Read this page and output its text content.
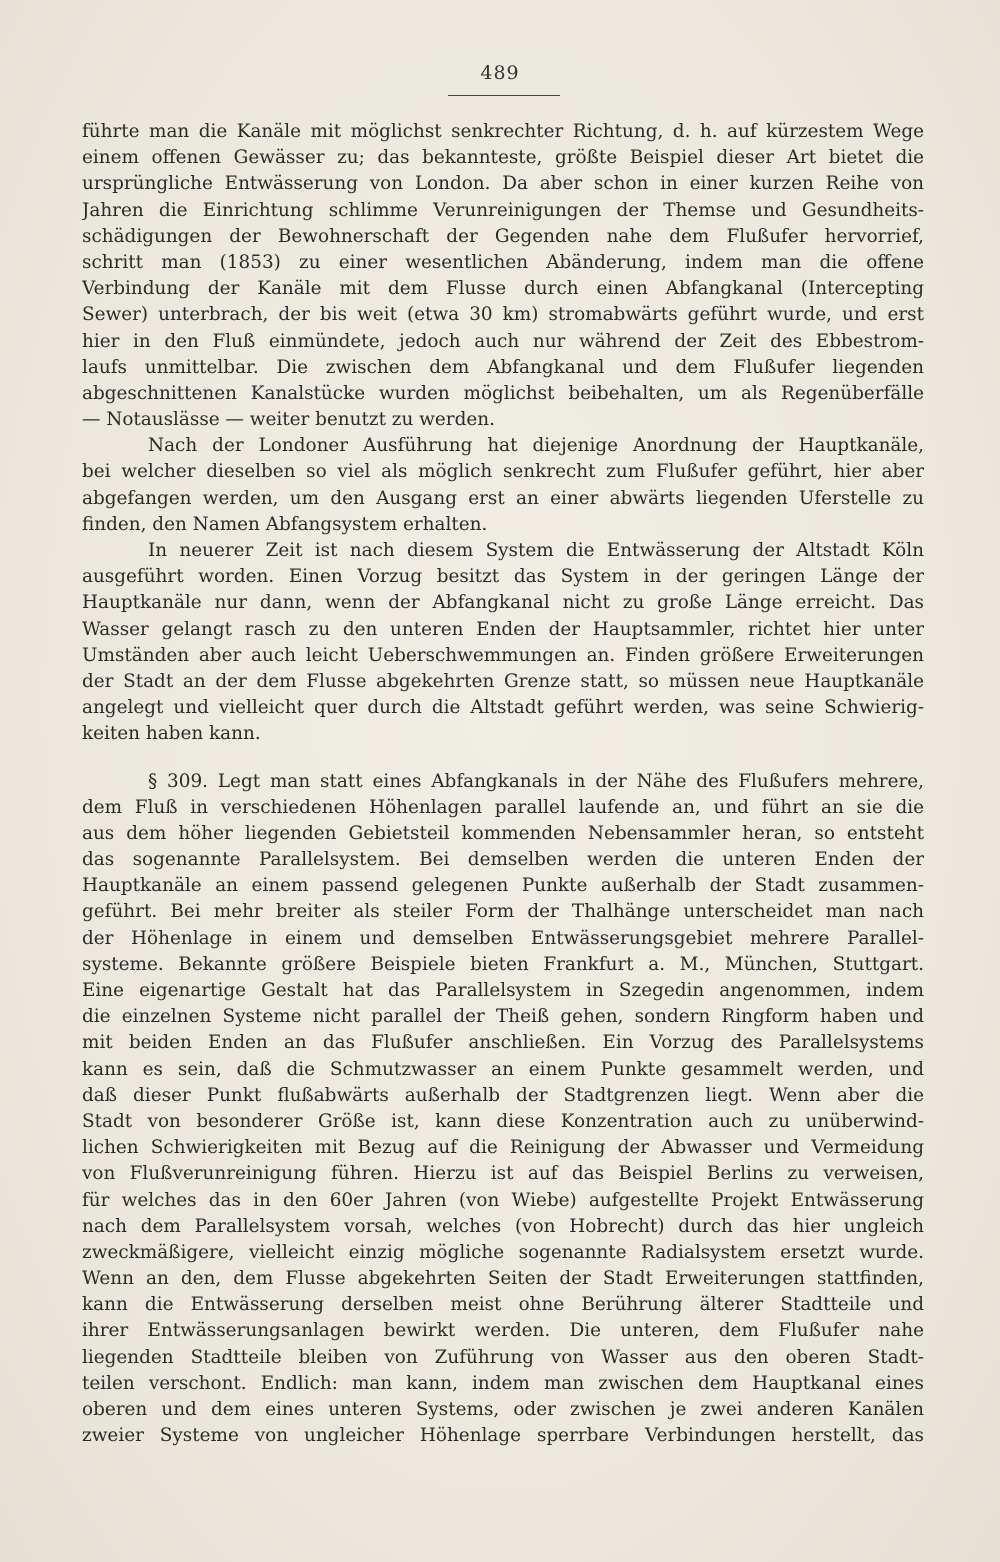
489
führte man die Kanäle mit möglichst senkrechter Richtung, d. h. auf kürzestem Wege
einem offenen Gewässer zu; das bekannteste, größte Beispiel dieser Art bietet die
ursprüngliche Entwässerung von London. Da aber schon in einer kurzen Reihe von
Jahren die Einrichtung schlimme Verunreinigungen der Themse und Gesundheits-
schädigungen der Bewohnerschaft der Gegenden nahe dem Flußufer hervorrief,
schritt man (1853) zu einer wesentlichen Abänderung, indem man die offene
Verbindung der Kanäle mit dem Flusse durch einen Abfangkanal (Intercepting
Sewer) unterbrach, der bis weit (etwa 30 km) stromabwärts geführt wurde, und erst
hier in den Fluß einmündete, jedoch auch nur während der Zeit des Ebbestrom-
laufs unmittelbar. Die zwischen dem Abfangkanal und dem Flußufer liegenden
abgeschnittenen Kanalstücke wurden möglichst beibehalten, um als Regenüberfälle
— Notauslässe — weiter benutzt zu werden.
Nach der Londoner Ausführung hat diejenige Anordnung der Hauptkanäle,
bei welcher dieselben so viel als möglich senkrecht zum Flußufer geführt, hier aber
abgefangen werden, um den Ausgang erst an einer abwärts liegenden Uferstelle zu
finden, den Namen Abfangsystem erhalten.
In neuerer Zeit ist nach diesem System die Entwässerung der Altstadt Köln
ausgeführt worden. Einen Vorzug besitzt das System in der geringen Länge der
Hauptkanäle nur dann, wenn der Abfangkanal nicht zu große Länge erreicht. Das
Wasser gelangt rasch zu den unteren Enden der Hauptsammler, richtet hier unter
Umständen aber auch leicht Ueberschwemmungen an. Finden größere Erweiterungen
der Stadt an der dem Flusse abgekehrten Grenze statt, so müssen neue Hauptkanäle
angelegt und vielleicht quer durch die Altstadt geführt werden, was seine Schwierig-
keiten haben kann.
§ 309. Legt man statt eines Abfangkanals in der Nähe des Flußufers mehrere,
dem Fluß in verschiedenen Höhenlagen parallel laufende an, und führt an sie die
aus dem höher liegenden Gebietsteil kommenden Nebensammler heran, so entsteht
das sogenannte Parallelsystem. Bei demselben werden die unteren Enden der
Hauptkanäle an einem passend gelegenen Punkte außerhalb der Stadt zusammen-
geführt. Bei mehr breiter als steiler Form der Thalhänge unterscheidet man nach
der Höhenlage in einem und demselben Entwässerungsgebiet mehrere Parallel-
systeme. Bekannte größere Beispiele bieten Frankfurt a. M., München, Stuttgart.
Eine eigenartige Gestalt hat das Parallelsystem in Szegedin angenommen, indem
die einzelnen Systeme nicht parallel der Theiß gehen, sondern Ringform haben und
mit beiden Enden an das Flußufer anschließen. Ein Vorzug des Parallelsystems
kann es sein, daß die Schmutzwasser an einem Punkte gesammelt werden, und
daß dieser Punkt flußabwärts außerhalb der Stadtgrenzen liegt. Wenn aber die
Stadt von besonderer Größe ist, kann diese Konzentration auch zu unüberwind-
lichen Schwierigkeiten mit Bezug auf die Reinigung der Abwasser und Vermeidung
von Flußverunreinigung führen. Hierzu ist auf das Beispiel Berlins zu verweisen,
für welches das in den 60er Jahren (von Wiebe) aufgestellte Projekt Entwässerung
nach dem Parallelsystem vorsah, welches (von Hobrecht) durch das hier ungleich
zweckmäßigere, vielleicht einzig mögliche sogenannte Radialsystem ersetzt wurde.
Wenn an den, dem Flusse abgekehrten Seiten der Stadt Erweiterungen stattfinden,
kann die Entwässerung derselben meist ohne Berührung älterer Stadtteile und
ihrer Entwässerungsanlagen bewirkt werden. Die unteren, dem Flußufer nahe
liegenden Stadtteile bleiben von Zuführung von Wasser aus den oberen Stadt-
teilen verschont. Endlich: man kann, indem man zwischen dem Hauptkanal eines
oberen und dem eines unteren Systems, oder zwischen je zwei anderen Kanälen
zweier Systeme von ungleicher Höhenlage sperrbare Verbindungen herstellt, das
